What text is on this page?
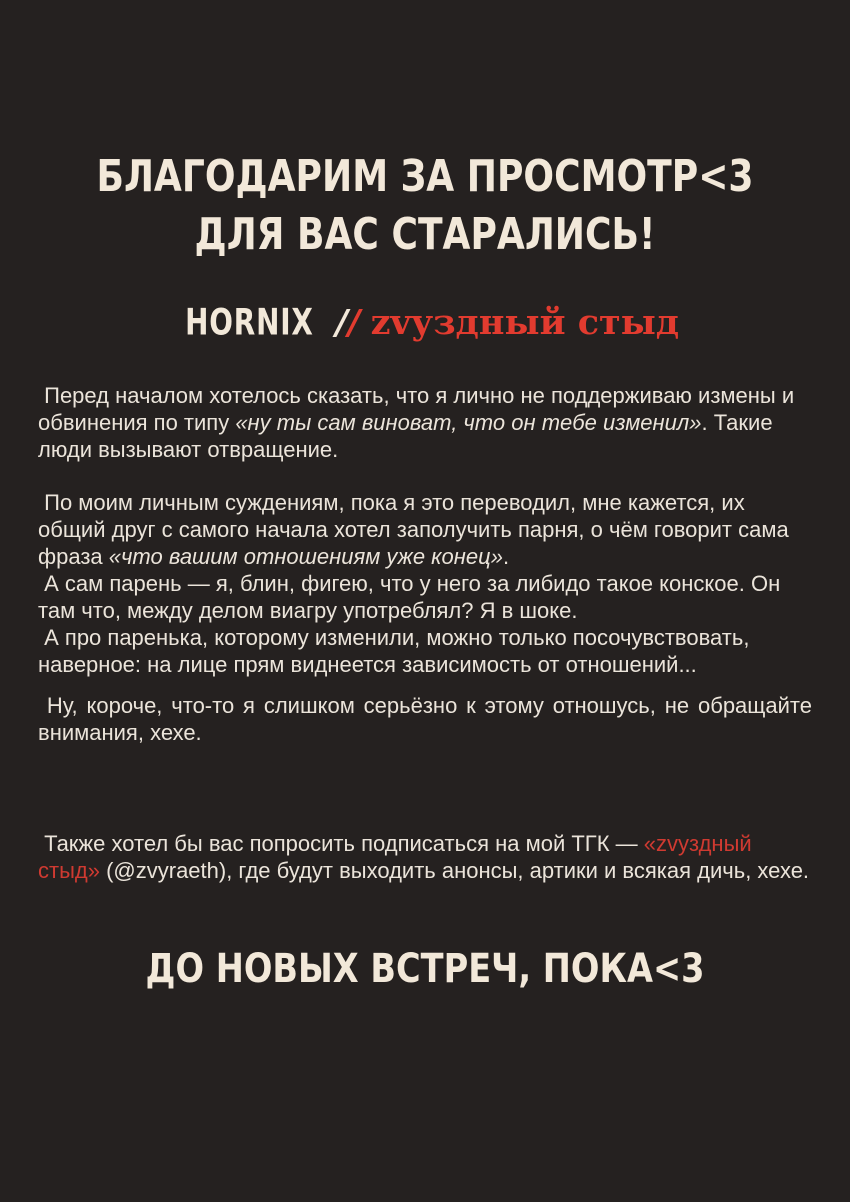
БЛАГОДАРИМ ЗА ПРОСМОТР<3
ДЛЯ ВАС СТАРАЛИСЬ!
HORNIX // zvуздный стыд

Перед началом хотелось сказать, что я лично не поддерживаю измены и обвинения по типу «ну ты сам виноват, что он тебе изменил». Такие люди вызывают отвращение.

По моим личным суждениям, пока я это переводил, мне кажется, их общий друг с самого начала хотел заполучить парня, о чём говорит сама фраза «что вашим отношениям уже конец».

А сам парень — я, блин, фигею, что у него за либидо такое конское. Он там что, между делом виагру употреблял? Я в шоке.

А про паренька, которому изменили, можно только посочувствовать, наверное: на лице прям виднеется зависимость от отношений...

Ну, короче, что-то я слишком серьёзно к этому отношусь, не обращайте внимания, хехе.

Также хотел бы вас попросить подписаться на мой ТГК — «zvуздный стыд» (@zvyraeth), где будут выходить анонсы, артики и всякая дичь, хехе.

ДО НОВЫХ ВСТРЕЧ, ПОКА<3
